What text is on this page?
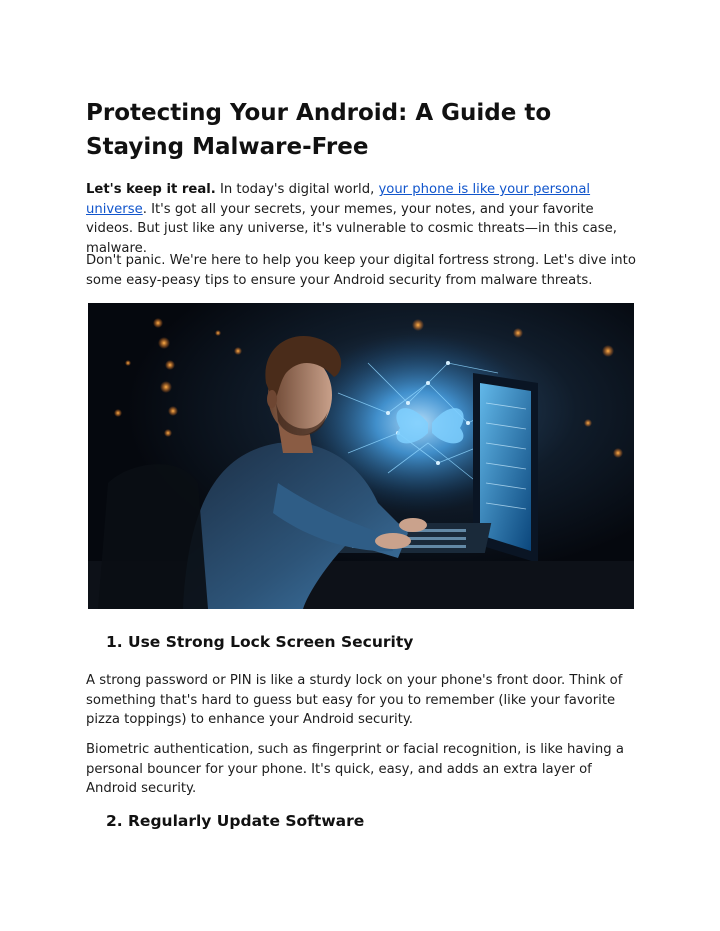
Protecting Your Android: A Guide to Staying Malware-Free

Let's keep it real. In today's digital world, your phone is like your personal universe. It's got all your secrets, your memes, your notes, and your favorite videos. But just like any universe, it's vulnerable to cosmic threats—in this case, malware.

Don't panic. We're here to help you keep your digital fortress strong. Let's dive into some easy-peasy tips to ensure your Android security from malware threats.

1. Use Strong Lock Screen Security

A strong password or PIN is like a sturdy lock on your phone's front door. Think of something that's hard to guess but easy for you to remember (like your favorite pizza toppings) to enhance your Android security.

Biometric authentication, such as fingerprint or facial recognition, is like having a personal bouncer for your phone. It's quick, easy, and adds an extra layer of Android security.

2. Regularly Update Software
